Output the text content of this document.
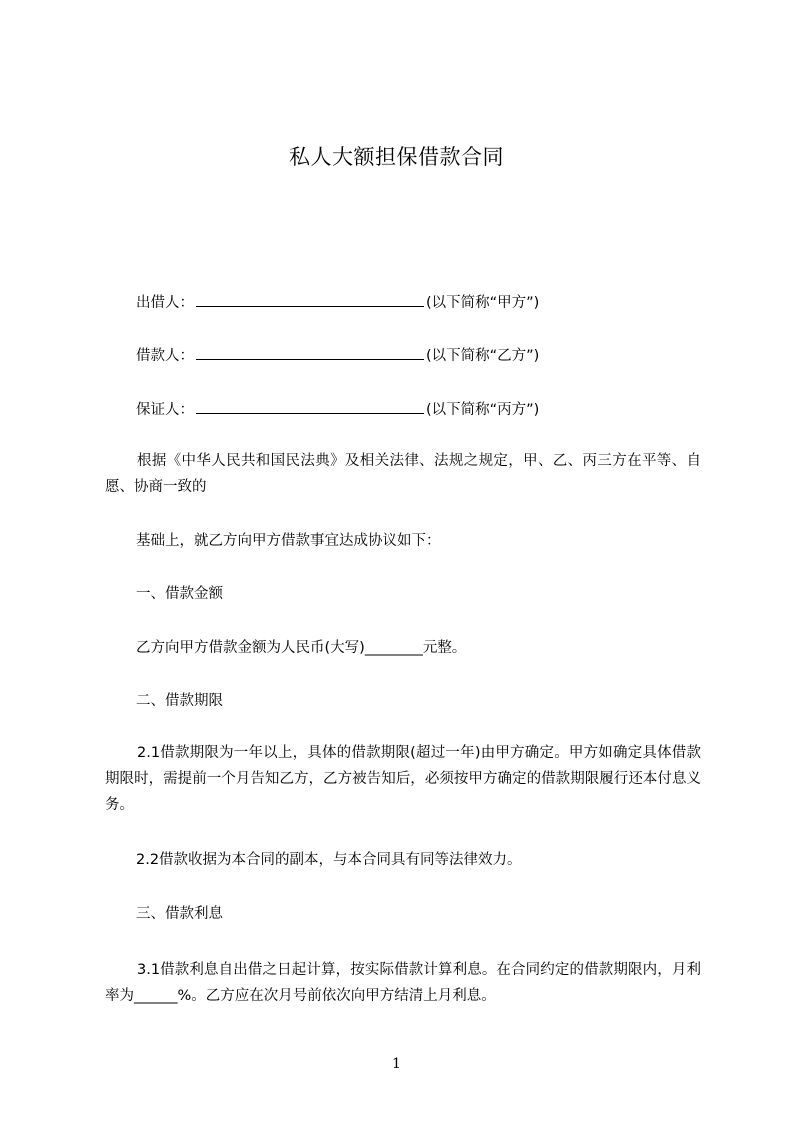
私人大额担保借款合同
出借人：	(以下简称“甲方”)
借款人：	(以下简称“乙方”)
保证人：	(以下简称“丙方”)
根据《中华人民共和国民法典》及相关法律、法规之规定，甲、乙、丙三方在平等、自愿、协商一致的
基础上，就乙方向甲方借款事宜达成协议如下：
一、借款金额
乙方向甲方借款金额为人民币(大写)________元整。
二、借款期限
2.1借款期限为一年以上，具体的借款期限(超过一年)由甲方确定。甲方如确定具体借款期限时，需提前一个月告知乙方，乙方被告知后，必须按甲方确定的借款期限履行还本付息义务。
2.2借款收据为本合同的副本，与本合同具有同等法律效力。
三、借款利息
3.1借款利息自出借之日起计算，按实际借款计算利息。在合同约定的借款期限内，月利率为______%。乙方应在次月号前依次向甲方结清上月利息。
1
